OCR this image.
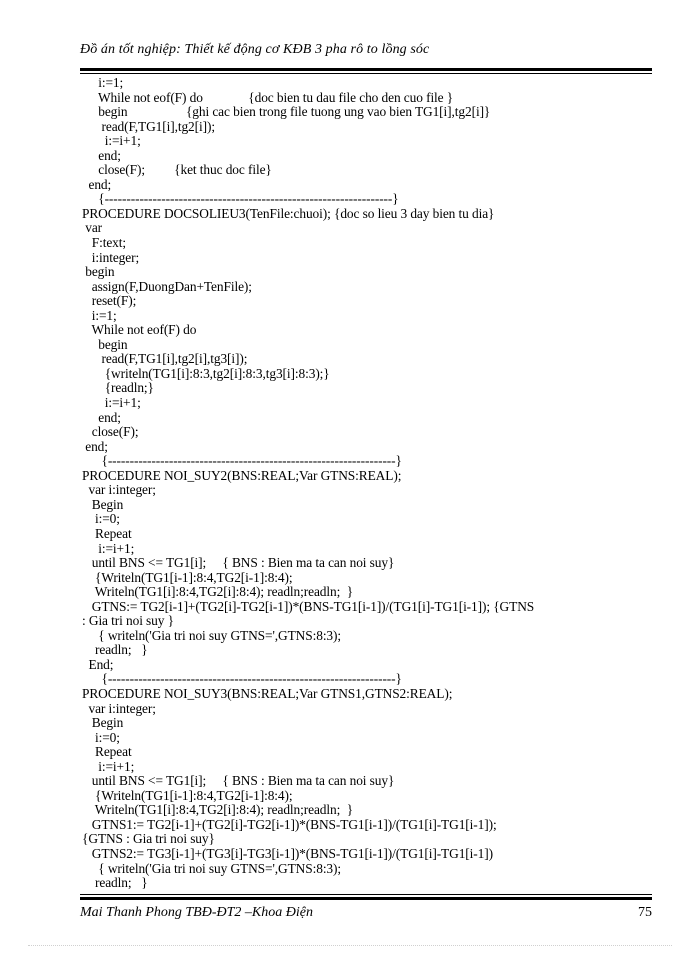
Đồ án tốt nghiệp: Thiết kế động cơ KĐB 3 pha rô to lồng sóc
i:=1;
While not eof(F) do              {doc bien tu dau file cho den cuo file }
begin                  {ghi cac bien trong file tuong ung vao bien TG1[i],tg2[i]}
read(F,TG1[i],tg2[i]);
i:=i+1;
end;
close(F);         {ket thuc doc file}
end;
{------------------------------------------------------------------}
PROCEDURE DOCSOLIEU3(TenFile:chuoi); {doc so lieu 3 day bien tu dia}
var
F:text;
i:integer;
begin
assign(F,DuongDan+TenFile);
reset(F);
i:=1;
While not eof(F) do
begin
read(F,TG1[i],tg2[i],tg3[i]);
{writeln(TG1[i]:8:3,tg2[i]:8:3,tg3[i]:8:3);}
{readln;}
i:=i+1;
end;
close(F);
end;
{------------------------------------------------------------------}
PROCEDURE NOI_SUY2(BNS:REAL;Var GTNS:REAL);
var i:integer;
Begin
i:=0;
Repeat
i:=i+1;
until BNS <= TG1[i];     { BNS : Bien ma ta can noi suy}
{Writeln(TG1[i-1]:8:4,TG2[i-1]:8:4);
Writeln(TG1[i]:8:4,TG2[i]:8:4); readln;readln;  }
GTNS:= TG2[i-1]+(TG2[i]-TG2[i-1])*(BNS-TG1[i-1])/(TG1[i]-TG1[i-1]); {GTNS
: Gia tri noi suy }
{ writeln('Gia tri noi suy GTNS=',GTNS:8:3);
readln;   }
End;
{------------------------------------------------------------------}
PROCEDURE NOI_SUY3(BNS:REAL;Var GTNS1,GTNS2:REAL);
var i:integer;
Begin
i:=0;
Repeat
i:=i+1;
until BNS <= TG1[i];     { BNS : Bien ma ta can noi suy}
{Writeln(TG1[i-1]:8:4,TG2[i-1]:8:4);
Writeln(TG1[i]:8:4,TG2[i]:8:4); readln;readln;  }
GTNS1:= TG2[i-1]+(TG2[i]-TG2[i-1])*(BNS-TG1[i-1])/(TG1[i]-TG1[i-1]);
{GTNS : Gia tri noi suy}
GTNS2:= TG3[i-1]+(TG3[i]-TG3[i-1])*(BNS-TG1[i-1])/(TG1[i]-TG1[i-1])
{ writeln('Gia tri noi suy GTNS=',GTNS:8:3);
readln;   }
Mai Thanh Phong TBĐ-ĐT2 –Khoa Điện	75
